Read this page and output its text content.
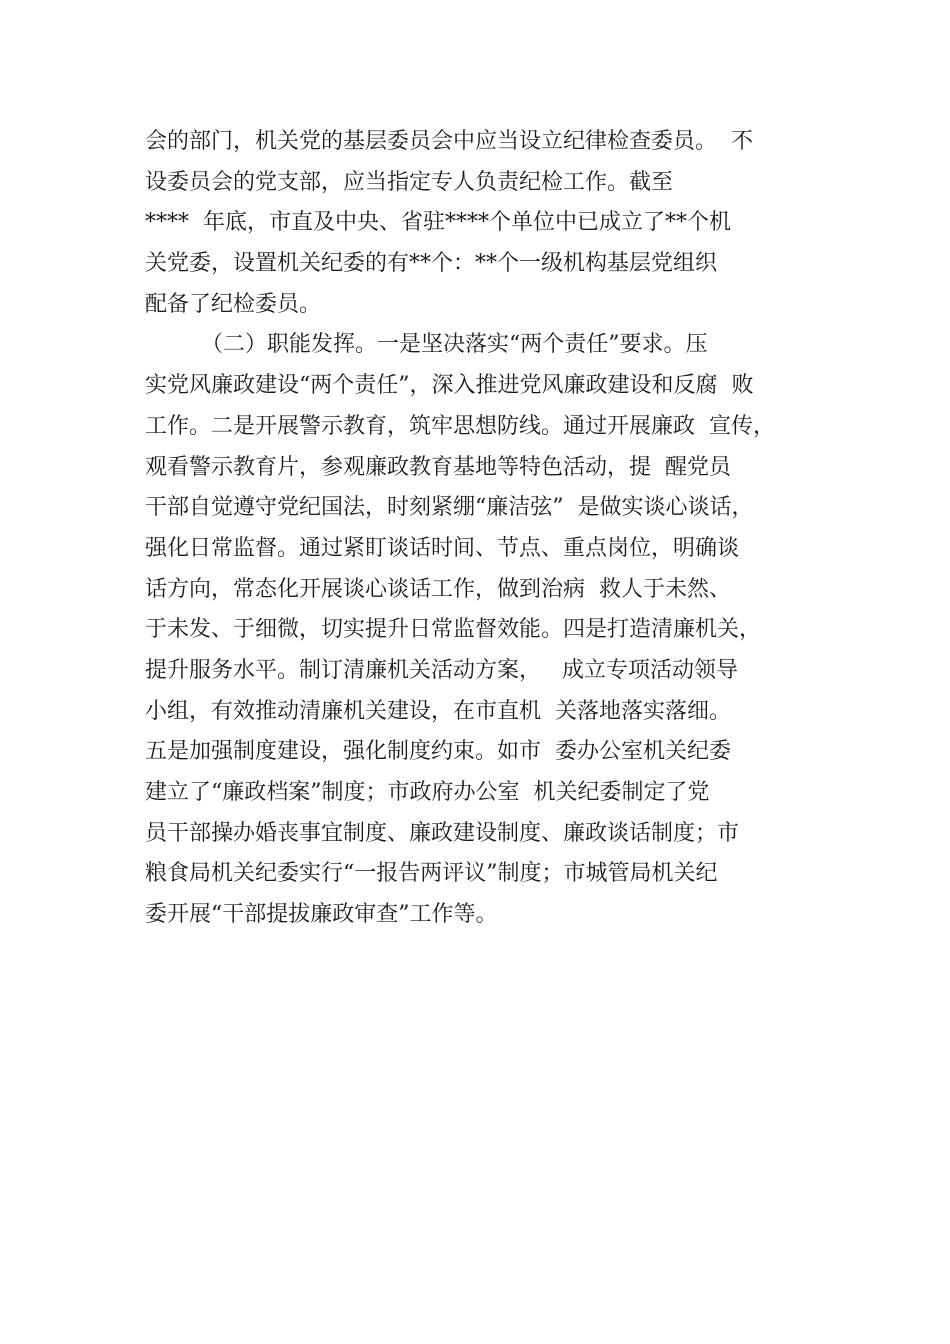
会的部门，机关党的基层委员会中应当设立纪律检查委员。  不
设委员会的党支部，应当指定专人负责纪检工作。截至
****  年底，市直及中央、省驻****个单位中已成立了**个机
关党委，设置机关纪委的有**个：**个一级机构基层党组织
配备了纪检委员。
（二）职能发挥。一是坚决落实“两个责任”要求。压
实党风廉政建设“两个责任”，深入推进党风廉政建设和反腐  败
工作。二是开展警示教育，筑牢思想防线。通过开展廉政  宣传，
观看警示教育片，参观廉政教育基地等特色活动，提  醒党员
干部自觉遵守党纪国法，时刻紧绷“廉洁弦”  是做实谈心谈话，
强化日常监督。通过紧盯谈话时间、节点、重点岗位，明确谈
话方向，常态化开展谈心谈话工作，做到治病  救人于未然、
于未发、于细微，切实提升日常监督效能。四是打造清廉机关，
提升服务水平。制订清廉机关活动方案，   成立专项活动领导
小组，有效推动清廉机关建设，在市直机  关落地落实落细。
五是加强制度建设，强化制度约束。如市  委办公室机关纪委
建立了“廉政档案”制度；市政府办公室  机关纪委制定了党
员干部操办婚丧事宜制度、廉政建设制度、廉政谈话制度；市
粮食局机关纪委实行“一报告两评议”制度；市城管局机关纪
委开展“干部提拔廉政审查”工作等。
